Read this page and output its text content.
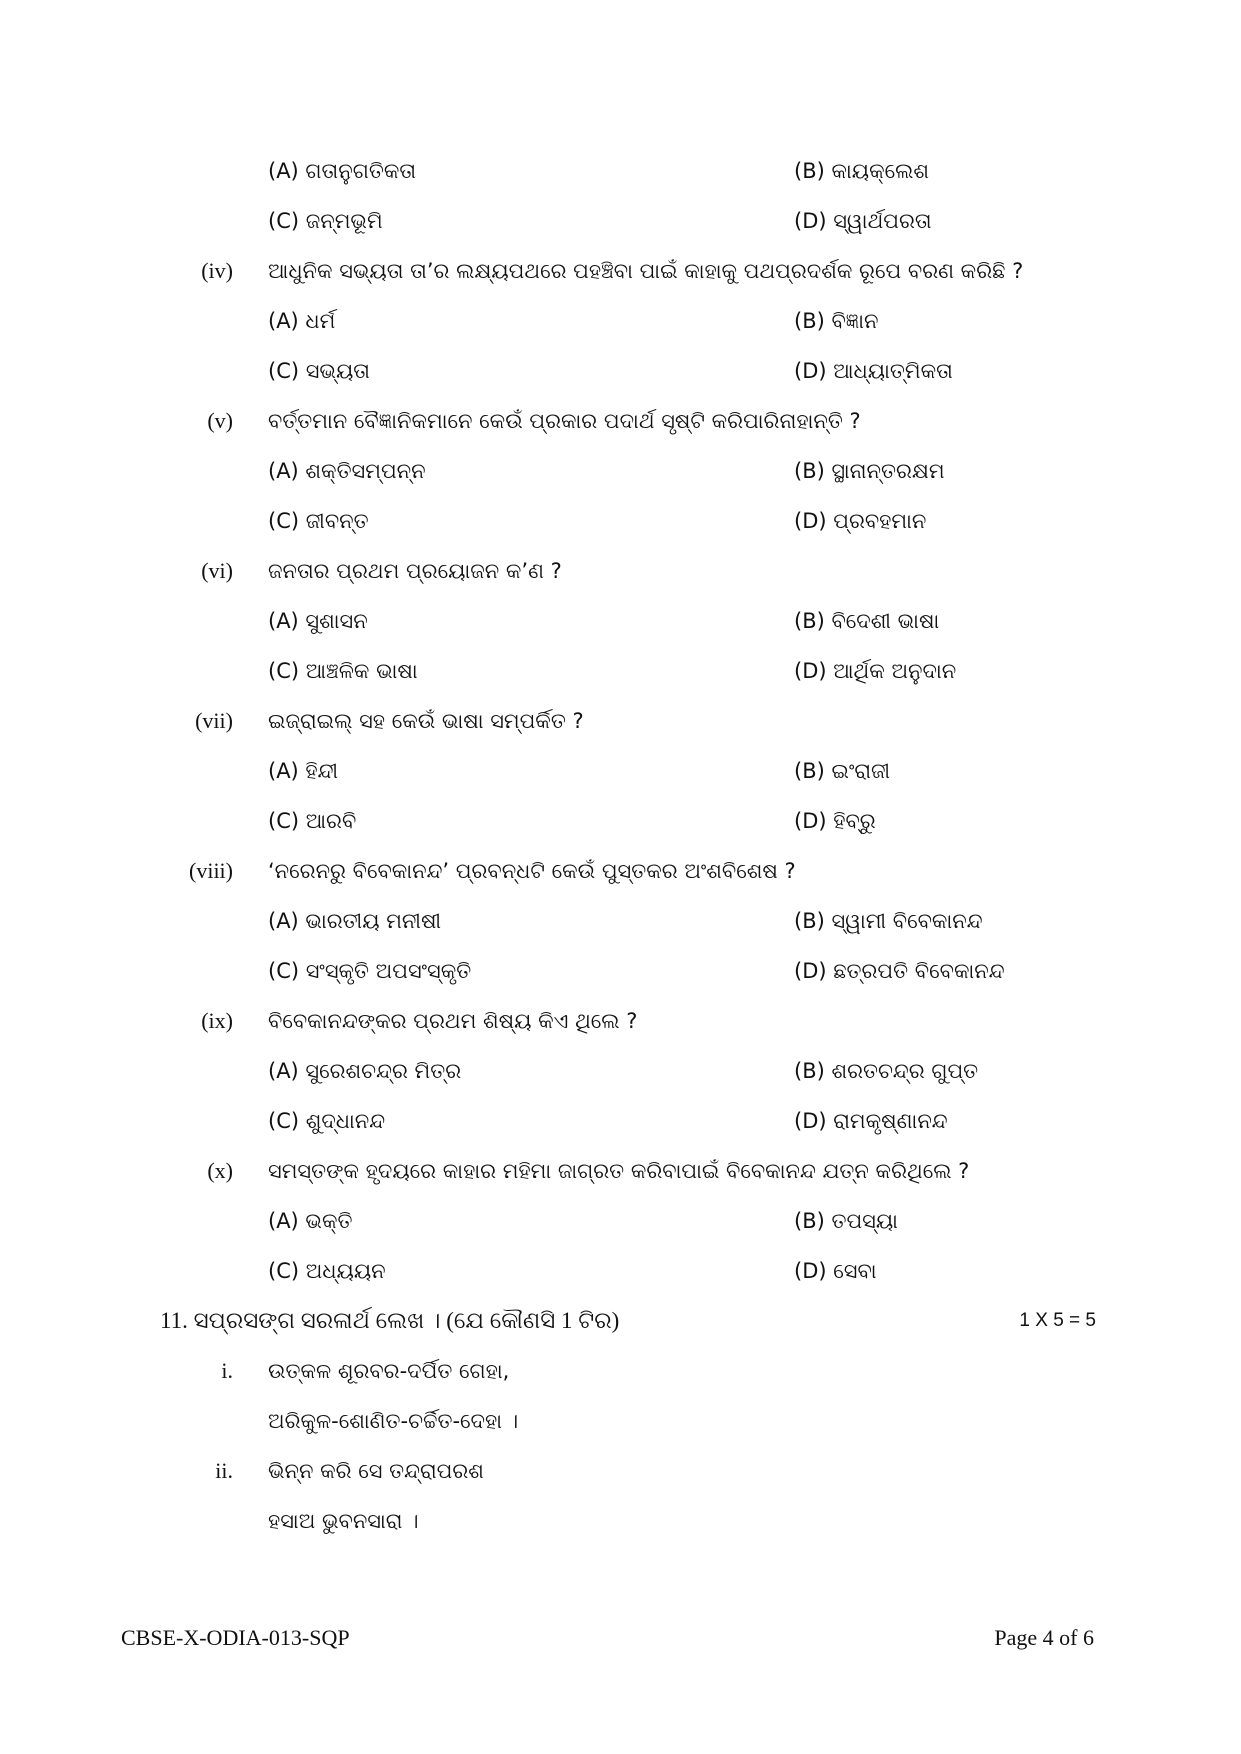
(A) ଗତାନୁଗତିକତା	(B) କାୟକ୍ଲେଶ
(C) ଜନ୍ମଭୂମି	(D) ସ୍ୱାର୍ଥପରତା
(iv) ଆଧୁନିକ ସଭ୍ୟତା ତା’ର ଲକ୍ଷ୍ୟପଥରେ ପହଞ୍ଚିବା ପାଇଁ କାହାକୁ ପଥପ୍ରଦର୍ଶକ ରୂପେ ବରଣ କରିଛି ?
(A) ଧର୍ମ	(B) ବିଜ୍ଞାନ
(C) ସଭ୍ୟତା	(D) ଆଧ୍ୟାତ୍ମିକତା
(v) ବର୍ତ୍ତମାନ ବୈଜ୍ଞାନିକମାନେ କେଉଁ ପ୍ରକାର ପଦାର୍ଥ ସୃଷ୍ଟି କରିପାରିନାହାନ୍ତି ?
(A) ଶକ୍ତିସମ୍ପନ୍ନ	(B) ସ୍ଥାନାନ୍ତରକ୍ଷମ
(C) ଜୀବନ୍ତ	(D) ପ୍ରବହମାନ
(vi) ଜନତାର ପ୍ରଥମ ପ୍ରୟୋଜନ କ’ଣ ?
(A) ସୁଶାସନ	(B) ବିଦେଶୀ ଭାଷା
(C) ଆଞ୍ଚଳିକ ଭାଷା	(D) ଆର୍ଥିକ ଅନୁଦାନ
(vii) ଇଜ୍ରାଇଲ୍ ସହ କେଉଁ ଭାଷା ସମ୍ପର୍କିତ ?
(A) ହିନ୍ଦୀ	(B) ଇଂରାଜୀ
(C) ଆରବି	(D) ହିବ୍ରୁ
(viii) ‘ନରେନରୁ ବିବେକାନନ୍ଦ’ ପ୍ରବନ୍ଧଟି କେଉଁ ପୁସ୍ତକର ଅଂଶବିଶେଷ ?
(A) ଭାରତୀୟ ମନୀଷୀ	(B) ସ୍ୱାମୀ ବିବେକାନନ୍ଦ
(C) ସଂସ୍କୃତି ଅପସଂସ୍କୃତି	(D) ଛତ୍ରପତି ବିବେକାନନ୍ଦ
(ix) ବିବେକାନନ୍ଦଙ୍କର ପ୍ରଥମ ଶିଷ୍ୟ କିଏ ଥିଲେ ?
(A) ସୁରେଶଚନ୍ଦ୍ର ମିତ୍ର	(B) ଶରତଚନ୍ଦ୍ର ଗୁପ୍ତ
(C) ଶୁଦ୍ଧାନନ୍ଦ	(D) ରାମକୃଷ୍ଣାନନ୍ଦ
(x) ସମସ୍ତଙ୍କ ହୃଦୟରେ କାହାର ମହିମା ଜାଗ୍ରତ କରିବାପାଇଁ ବିବେକାନନ୍ଦ ଯତ୍ନ କରିଥିଲେ ?
(A) ଭକ୍ତି	(B) ତପସ୍ୟା
(C) ଅଧ୍ୟୟନ	(D) ସେବା
11. ସପ୍ରସଙ୍ଗ ସରଳାର୍ଥ ଲେଖ । (ଯେ କୌଣସି 1 ଟିର)	1 X 5 = 5
i. ଉତ୍କଳ ଶୂରବର-ଦର୍ପିତ ଗେହା,
ଅରିକୁଳ-ଶୋଣିତ-ଚର୍ଚ୍ଚିତ-ଦେହା ।
ii. ଭିନ୍ନ କରି ସେ ତନ୍ଦ୍ରାପରଶ
ହସାଅ ଭୁବନସାରା ।
CBSE-X-ODIA-013-SQP	Page 4 of 6
